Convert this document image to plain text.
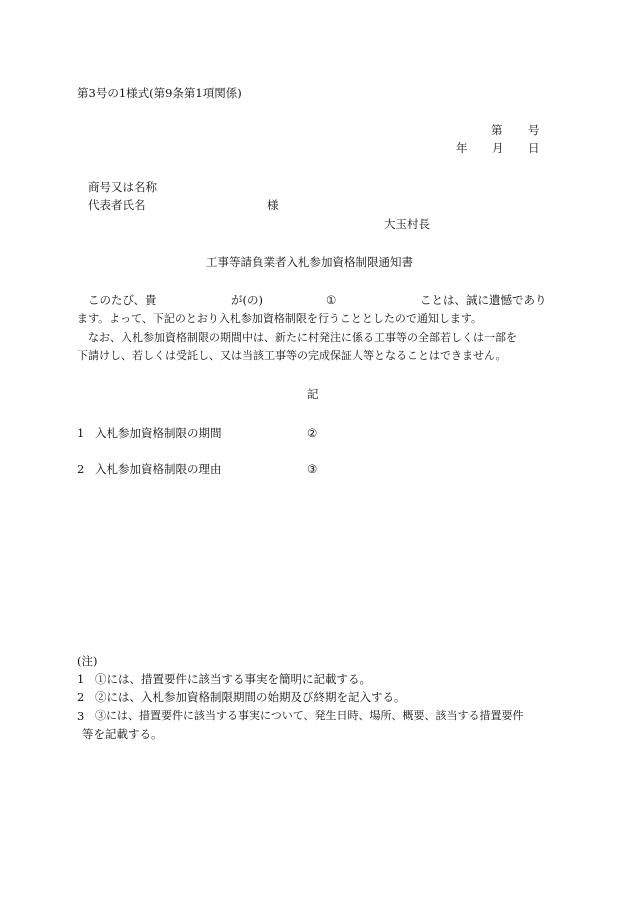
第3号の1様式(第9条第1項関係)
第 号
年 月 日
商号又は名称
代表者氏名	様
大玉村長
工事等請負業者入札参加資格制限通知書
このたび、貴	が(の)	①	ことは、誠に遺憾であり
ます。よって、下記のとおり入札参加資格制限を行うこととしたので通知します。
なお、入札参加資格制限の期間中は、新たに村発注に係る工事等の全部若しくは一部を
下請けし、若しくは受託し、又は当該工事等の完成保証人等となることはできません。
記
1 入札参加資格制限の期間	②
2 入札参加資格制限の理由	③
(注)
1 ①には、措置要件に該当する事実を簡明に記載する。
2 ②には、入札参加資格制限期間の始期及び終期を記入する。
3 ③には、措置要件に該当する事実について、発生日時、場所、概要、該当する措置要件
等を記載する。
